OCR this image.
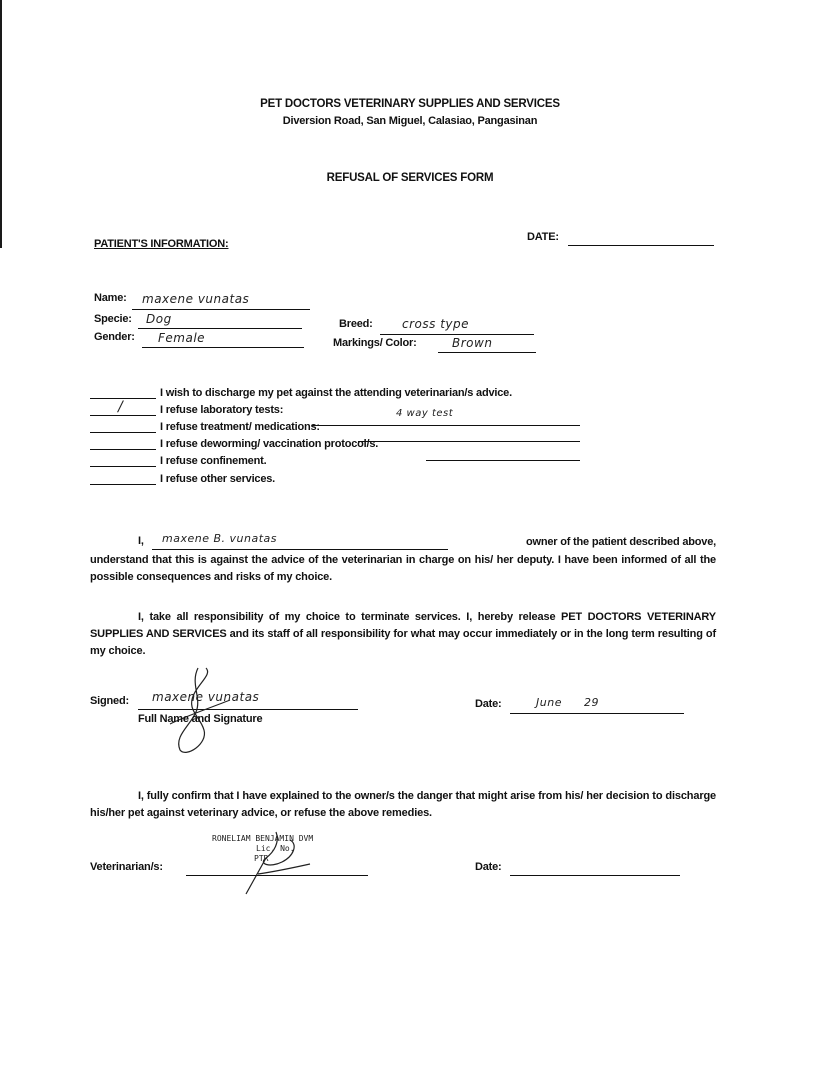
PET DOCTORS VETERINARY SUPPLIES AND SERVICES
Diversion Road, San Miguel, Calasiao, Pangasinan
REFUSAL OF SERVICES FORM
DATE:
PATIENT'S INFORMATION:
Name: maxene vunatas
Specie: Dog
Gender: Female
Breed: cross type
Markings/ Color:	Brown
I wish to discharge my pet against the attending veterinarian/s advice.
/	I refuse laboratory tests:	4 way test
I refuse treatment/ medications:
I refuse deworming/ vaccination protocol/s.
I refuse confinement.
I refuse other services.
I, maxene B. vunatas	owner of the patient described above,
understand that this is against the advice of the veterinarian in charge on his/ her deputy. I have been informed of all the possible consequences and risks of my choice.
I, take all responsibility of my choice to terminate services. I, hereby release PET DOCTORS VETERINARY SUPPLIES AND SERVICES and its staff of all responsibility for what may occur immediately or in the long term resulting of my choice.
Signed: maxene vunatas
Full Name and Signature
Date:	June 29
I, fully confirm that I have explained to the owner/s the danger that might arise from his/ her decision to discharge his/her pet against veterinary advice, or refuse the above remedies.
RONELIAM BENJAMIN DVM
Lic. No.
PTR
Veterinarian/s:	Date:
